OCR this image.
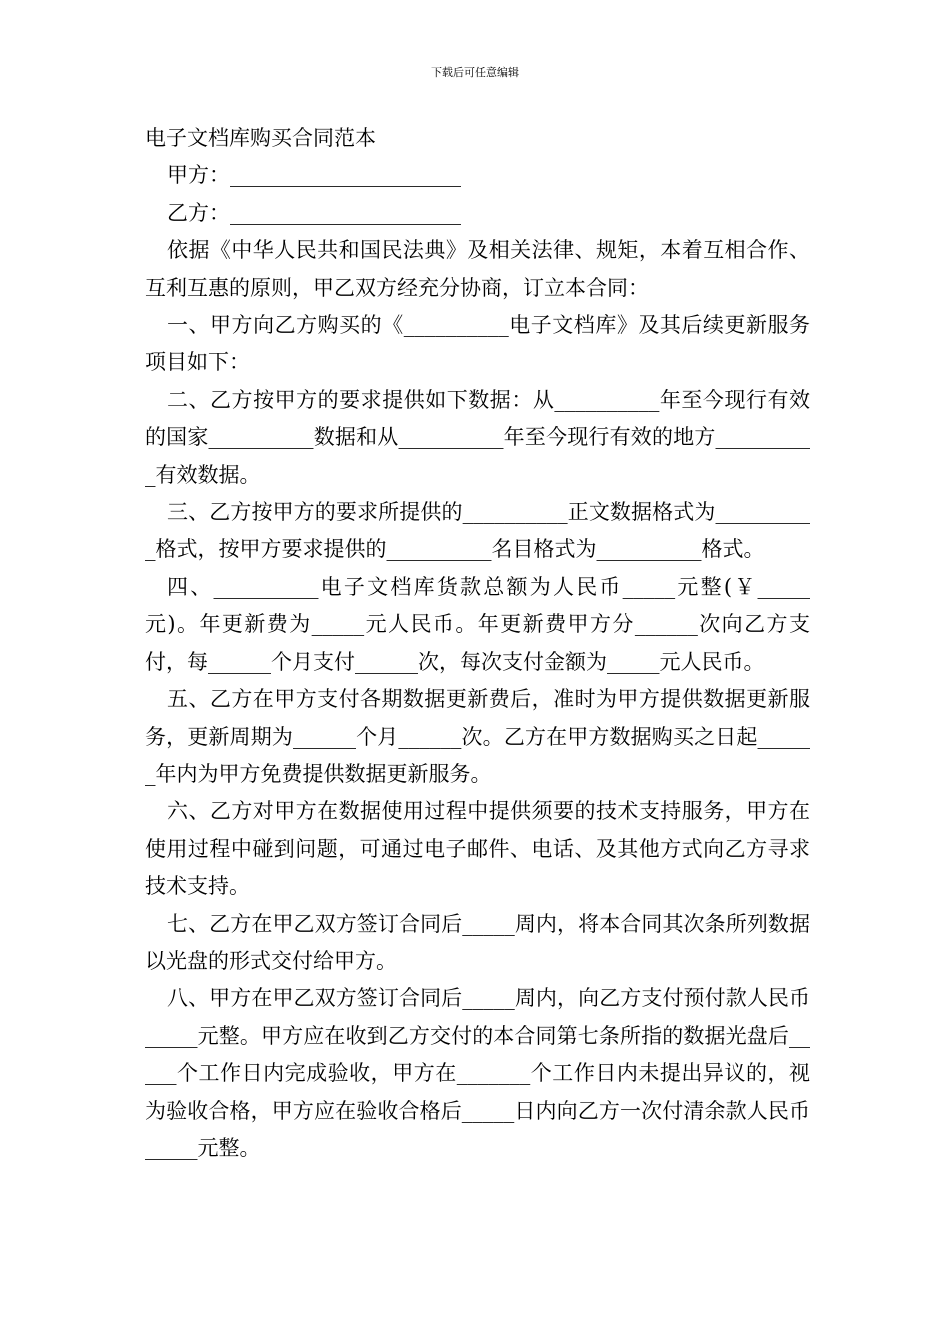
下载后可任意编辑

电子文档库购买合同范本

甲方：______________________

乙方：______________________

依据《中华人民共和国民法典》及相关法律、规矩，本着互相合作、互利互惠的原则，甲乙双方经充分协商，订立本合同：

一、甲方向乙方购买的《__________电子文档库》及其后续更新服务项目如下：

二、乙方按甲方的要求提供如下数据：从__________年至今现行有效的国家__________数据和从__________年至今现行有效的地方__________有效数据。

三、乙方按甲方的要求所提供的__________正文数据格式为__________格式，按甲方要求提供的__________名目格式为__________格式。

四、__________电子文档库货款总额为人民币_____元整(￥_____元)。年更新费为_____元人民币。年更新费甲方分______次向乙方支付，每______个月支付______次，每次支付金额为_____元人民币。

五、乙方在甲方支付各期数据更新费后，准时为甲方提供数据更新服务，更新周期为______个月______次。乙方在甲方数据购买之日起______年内为甲方免费提供数据更新服务。

六、乙方对甲方在数据使用过程中提供须要的技术支持服务，甲方在使用过程中碰到问题，可通过电子邮件、电话、及其他方式向乙方寻求技术支持。

七、乙方在甲乙双方签订合同后_____周内，将本合同其次条所列数据以光盘的形式交付给甲方。

八、甲方在甲乙双方签订合同后_____周内，向乙方支付预付款人民币_____元整。甲方应在收到乙方交付的本合同第七条所指的数据光盘后_____个工作日内完成验收，甲方在_______个工作日内未提出异议的，视为验收合格，甲方应在验收合格后_____日内向乙方一次付清余款人民币_____元整。
